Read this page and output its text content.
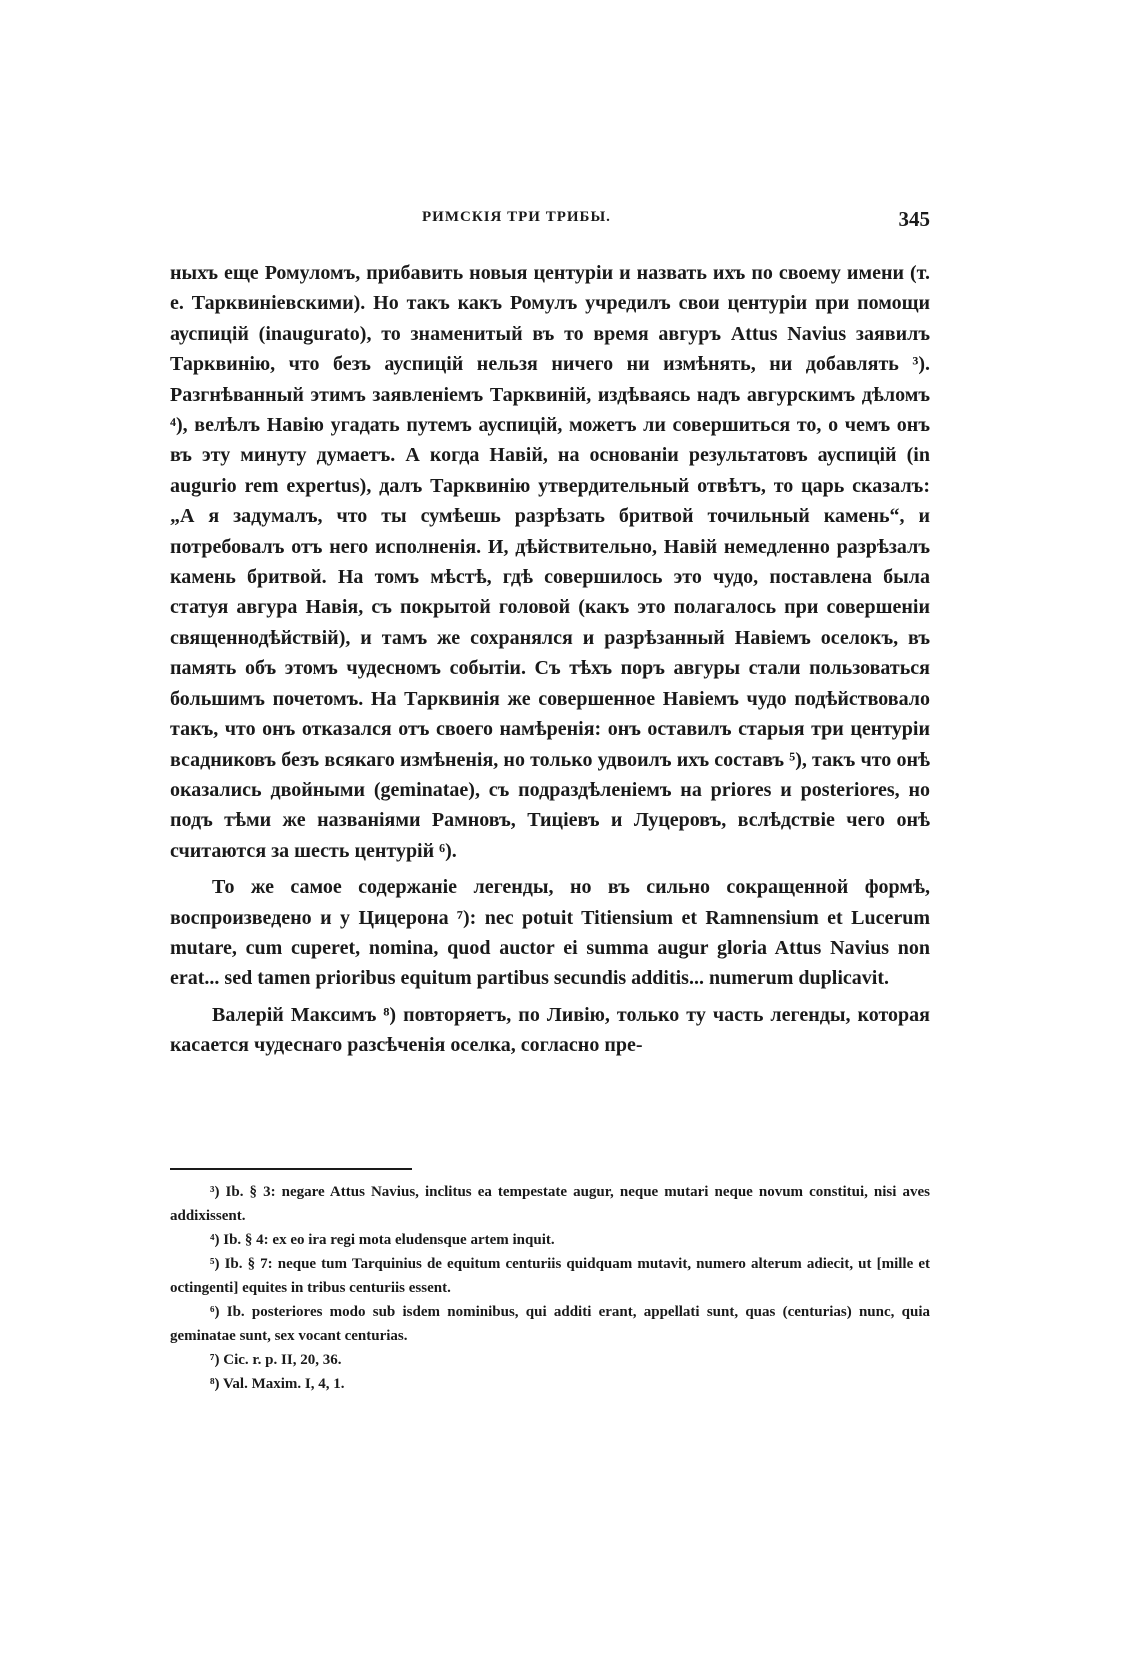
РИМСКІЯ ТРИ ТРИБЫ.	345

ныхъ еще Ромуломъ, прибавить новыя центуріи и назвать ихъ по своему имени (т. е. Тарквиніевскими). Но такъ какъ Ромулъ учредилъ свои центуріи при помощи ауспицій (inaugurato), то знаменитый въ то время авгуръ Attus Navius заявилъ Тарквинію, что безъ ауспицій нельзя ничего ни измѣнять, ни добавлять ³). Разгнѣванный этимъ заявленіемъ Тарквиній, издѣваясь надъ авгурскимъ дѣломъ ⁴), велѣлъ Навію угадать путемъ ауспицій, можетъ ли совершиться то, о чемъ онъ въ эту минуту думаетъ. А когда Навій, на основаніи результатовъ ауспицій (in augurio rem expertus), далъ Тарквинію утвердительный отвѣтъ, то царь сказалъ: „А я задумалъ, что ты сумѣешь разрѣзать бритвой точильный камень“, и потребовалъ отъ него исполненія. И, дѣйствительно, Навій немедленно разрѣзалъ камень бритвой. На томъ мѣстѣ, гдѣ совершилось это чудо, поставлена была статуя авгура Навія, съ покрытой головой (какъ это полагалось при совершеніи священнодѣйствій), и тамъ же сохранялся и разрѣзанный Навіемъ оселокъ, въ память объ этомъ чудесномъ событіи. Съ тѣхъ поръ авгуры стали пользоваться большимъ почетомъ. На Тарквинія же совершенное Навіемъ чудо подѣйствовало такъ, что онъ отказался отъ своего намѣренія: онъ оставилъ старыя три центуріи всадниковъ безъ всякаго измѣненія, но только удвоилъ ихъ составъ ⁵), такъ что онѣ оказались двойными (geminatae), съ подраздѣленіемъ на priores и posteriores, но подъ тѣми же названіями Рамновъ, Тиціевъ и Луцеровъ, вслѣдствіе чего онѣ считаются за шесть центурій ⁶).

То же самое содержаніе легенды, но въ сильно сокращенной формѣ, воспроизведено и у Цицерона ⁷): nec potuit Titiensium et Ramnensium et Lucerum mutare, cum cuperet, nomina, quod auctor ei summa augur gloria Attus Navius non erat... sed tamen prioribus equitum partibus secundis additis... numerum duplicavit.

Валерій Максимъ ⁸) повторяетъ, по Ливію, только ту часть легенды, которая касается чудеснаго разсѣченія оселка, согласно пре-

³) Ib. § 3: negare Attus Navius, inclitus ea tempestate augur, neque mutari neque novum constitui, nisi aves addixissent.

⁴) Ib. § 4: ex eo ira regi mota eludensque artem inquit.

⁵) Ib. § 7: neque tum Tarquinius de equitum centuriis quidquam mutavit, numero alterum adiecit, ut [mille et octingenti] equites in tribus centuriis essent.

⁶) Ib. posteriores modo sub isdem nominibus, qui additi erant, appellati sunt, quas (centurias) nunc, quia geminatae sunt, sex vocant centurias.

⁷) Cic. r. p. II, 20, 36.

⁸) Val. Maxim. I, 4, 1.
